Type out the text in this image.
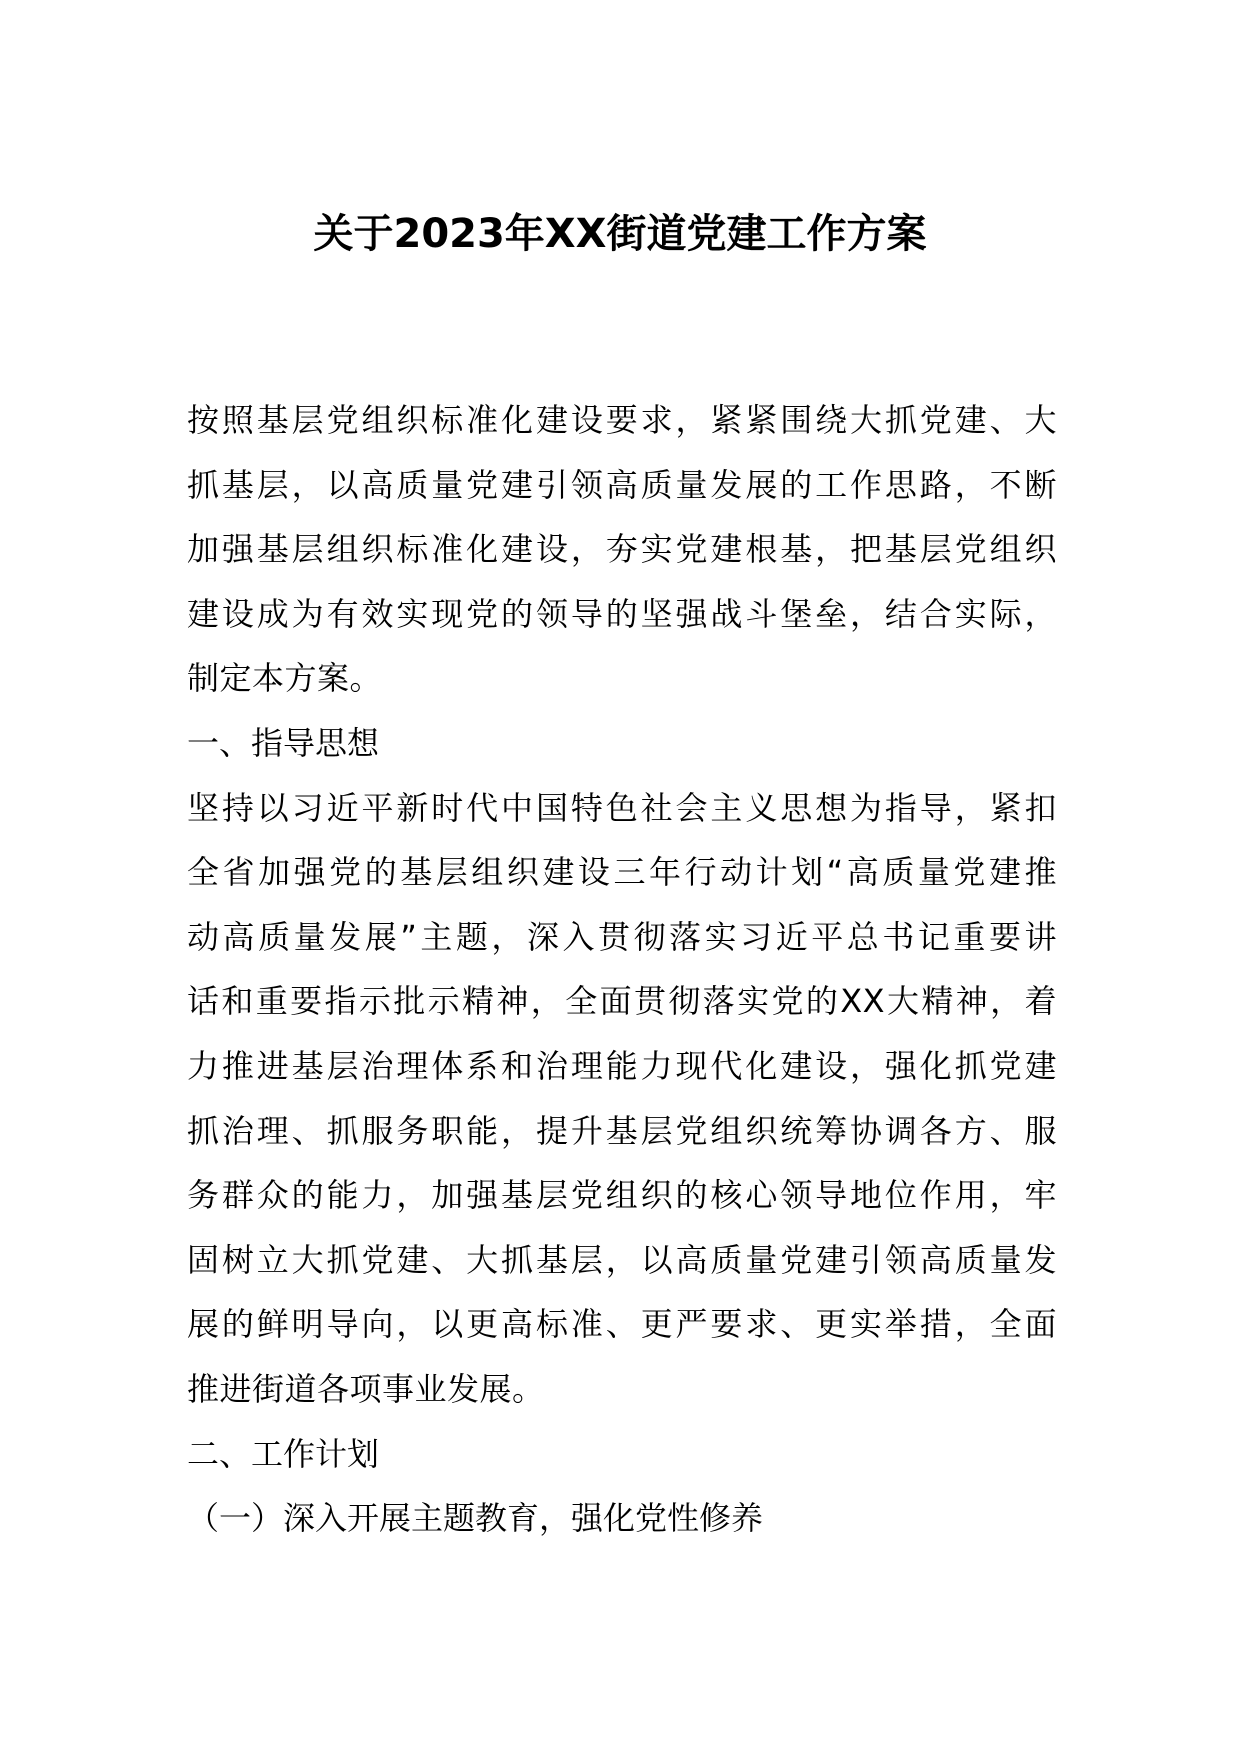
关于2023年XX街道党建工作方案
按照基层党组织标准化建设要求，紧紧围绕大抓党建、大
抓基层，以高质量党建引领高质量发展的工作思路，不断
加强基层组织标准化建设，夯实党建根基，把基层党组织
建设成为有效实现党的领导的坚强战斗堡垒，结合实际，
制定本方案。
一、指导思想
坚持以习近平新时代中国特色社会主义思想为指导，紧扣
全省加强党的基层组织建设三年行动计划“高质量党建推
动高质量发展”主题，深入贯彻落实习近平总书记重要讲
话和重要指示批示精神，全面贯彻落实党的XX大精神，着
力推进基层治理体系和治理能力现代化建设，强化抓党建
抓治理、抓服务职能，提升基层党组织统筹协调各方、服
务群众的能力，加强基层党组织的核心领导地位作用，牢
固树立大抓党建、大抓基层，以高质量党建引领高质量发
展的鲜明导向，以更高标准、更严要求、更实举措，全面
推进街道各项事业发展。
二、工作计划
（一）深入开展主题教育，强化党性修养
